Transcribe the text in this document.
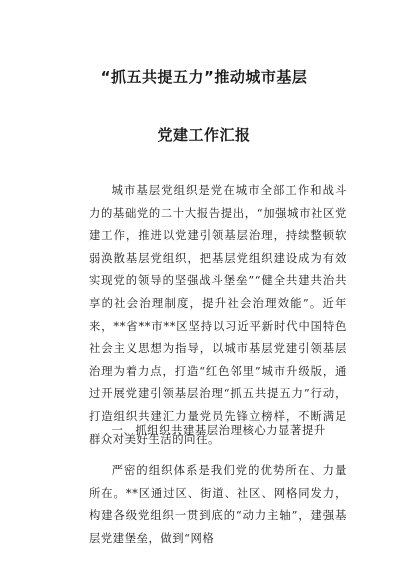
“抓五共提五力”推动城市基层
党建工作汇报

城市基层党组织是党在城市全部工作和战斗力的基础党的二十大报告提出，“加强城市社区党建工作，推进以党建引领基层治理，持续整顿软弱涣散基层党组织，把基层党组织建设成为有效实现党的领导的坚强战斗堡垒”“健全共建共治共享的社会治理制度，提升社会治理效能”。近年来，**省**市**区坚持以习近平新时代中国特色社会主义思想为指导，以城市基层党建引领基层治理为着力点，打造“红色邻里”城市升级版，通过开展党建引领基层治理“抓五共提五力”行动，打造组织共建汇力量党员先锋立榜样，不断满足群众对美好生活的向往。

一、抓组织共建基层治理核心力显著提升

严密的组织体系是我们党的优势所在、力量所在。**区通过区、街道、社区、网格同发力，构建各级党组织一贯到底的“动力主轴”，建强基层党建堡垒，做到“网格
